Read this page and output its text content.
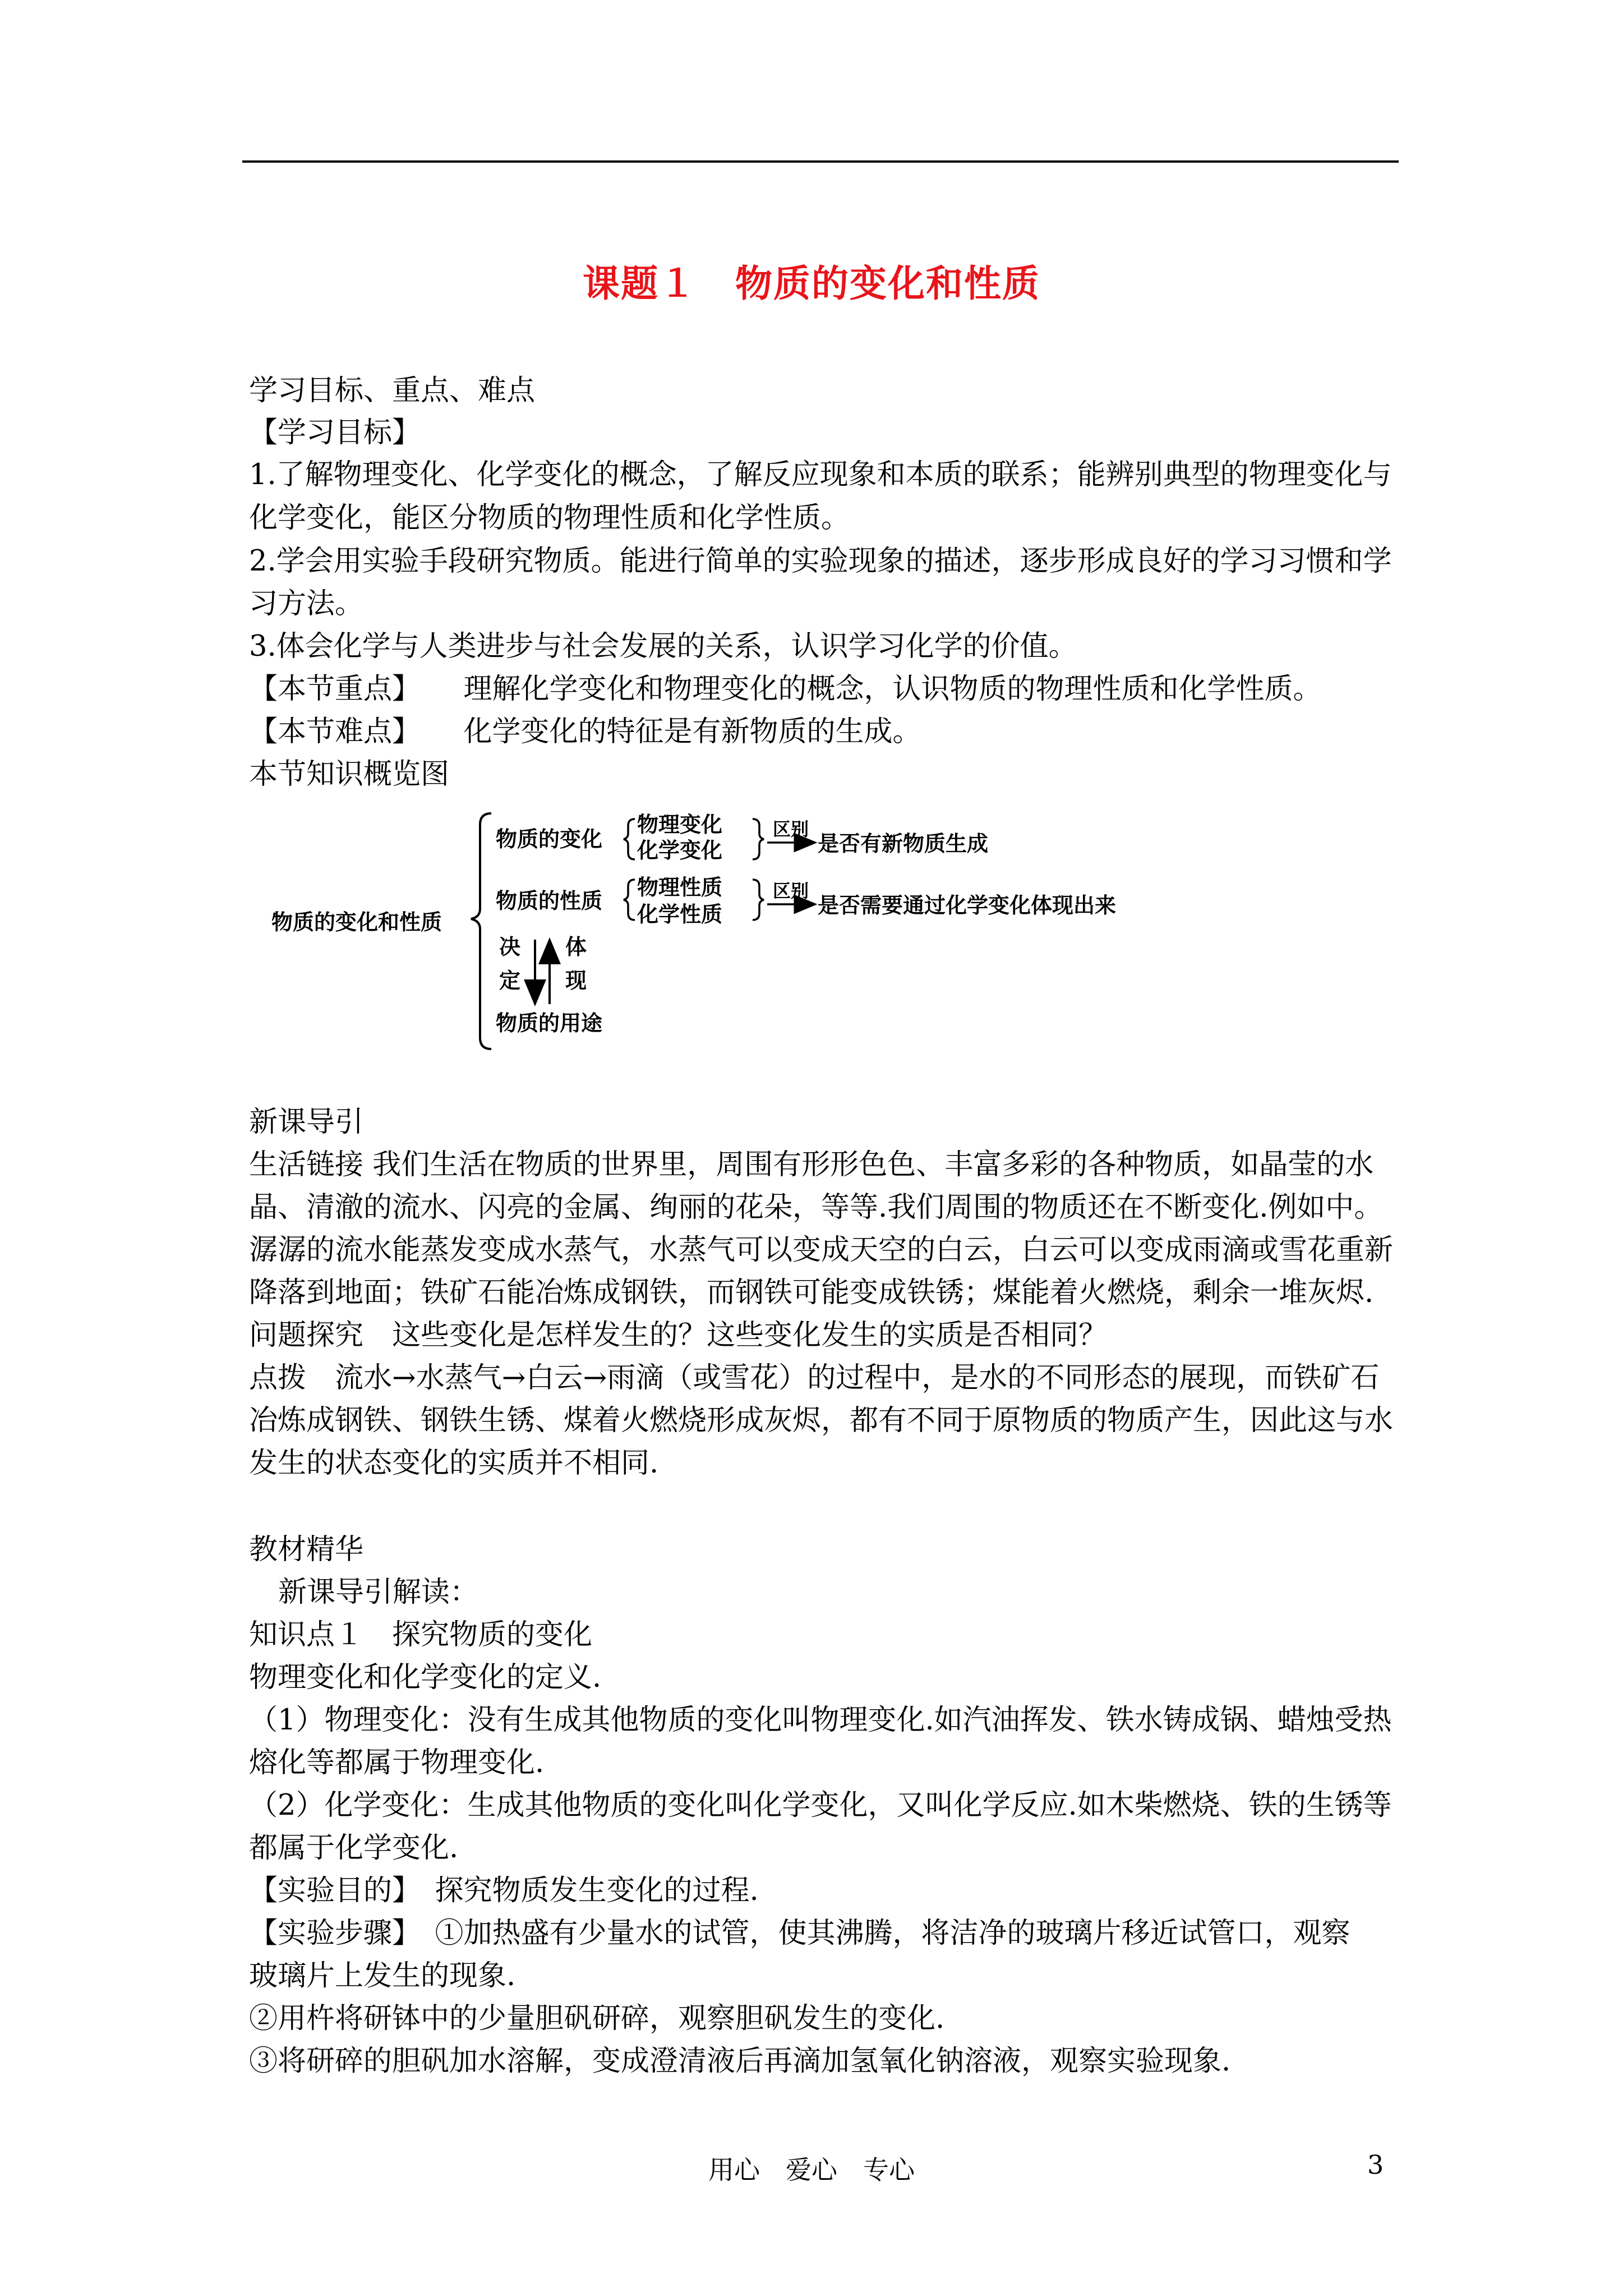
课题１　物质的变化和性质
学习目标、重点、难点
【学习目标】
1.了解物理变化、化学变化的概念，了解反应现象和本质的联系；能辨别典型的物理变化与
化学变化，能区分物质的物理性质和化学性质。
2.学会用实验手段研究物质。能进行简单的实验现象的描述，逐步形成良好的学习习惯和学
习方法。
3.体会化学与人类进步与社会发展的关系，认识学习化学的价值。
【本节重点】　　理解化学变化和物理变化的概念，认识物质的物理性质和化学性质。
【本节难点】　　化学变化的特征是有新物质的生成。
本节知识概览图
物质的变化和性质
物质的变化
物理变化
化学变化
区别
是否有新物质生成
物质的性质
物理性质
化学性质
区别
是否需要通过化学变化体现出来
决
定
体
现
物质的用途
新课导引
生活链接 我们生活在物质的世界里，周围有形形色色、丰富多彩的各种物质，如晶莹的水
晶、清澈的流水、闪亮的金属、绚丽的花朵，等等.我们周围的物质还在不断变化.例如中。
潺潺的流水能蒸发变成水蒸气，水蒸气可以变成天空的白云，白云可以变成雨滴或雪花重新
降落到地面；铁矿石能冶炼成钢铁，而钢铁可能变成铁锈；煤能着火燃烧，剩余一堆灰烬.
问题探究　这些变化是怎样发生的？这些变化发生的实质是否相同？
点拨　流水→水蒸气→白云→雨滴（或雪花）的过程中，是水的不同形态的展现，而铁矿石
冶炼成钢铁、钢铁生锈、煤着火燃烧形成灰烬，都有不同于原物质的物质产生，因此这与水
发生的状态变化的实质并不相同.
教材精华
新课导引解读：
知识点１　探究物质的变化
物理变化和化学变化的定义.
（1）物理变化：没有生成其他物质的变化叫物理变化.如汽油挥发、铁水铸成锅、蜡烛受热
熔化等都属于物理变化.
（2）化学变化：生成其他物质的变化叫化学变化，又叫化学反应.如木柴燃烧、铁的生锈等
都属于化学变化.
【实验目的】　探究物质发生变化的过程.
【实验步骤】　①加热盛有少量水的试管，使其沸腾，将洁净的玻璃片移近试管口，观察
玻璃片上发生的现象.
②用杵将研钵中的少量胆矾研碎，观察胆矾发生的变化.
③将研碎的胆矾加水溶解，变成澄清液后再滴加氢氧化钠溶液，观察实验现象.
用心　爱心　专心	3
